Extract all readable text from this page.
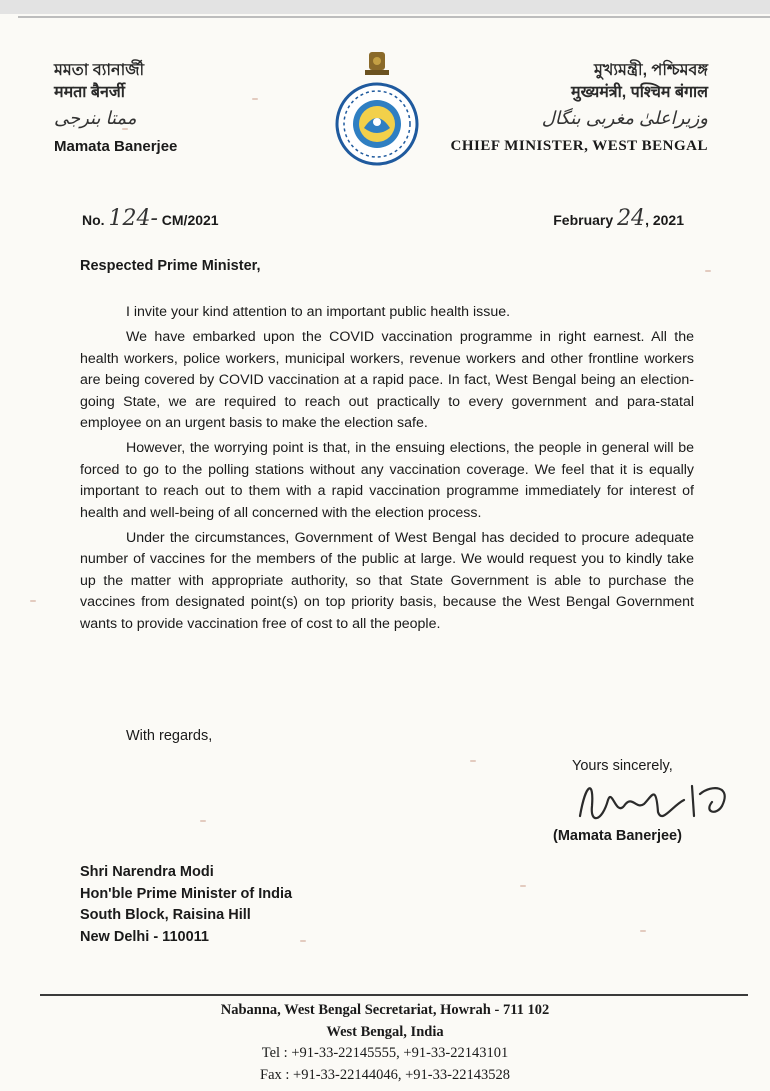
মমতা ব্যানার্জী
ममता बैनर्जी
ممتا بنرجی
Mamata Banerjee
মুখ্যমন্ত্রী, পশ্চিমবঙ্গ
मुख्यमंत्री, पश्चिम बंगाल
وزیراعلیٰ مغربی بنگال
CHIEF MINISTER, WEST BENGAL
No. 124- CM/2021	February 24, 2021
Respected Prime Minister,

I invite your kind attention to an important public health issue.

We have embarked upon the COVID vaccination programme in right earnest. All the health workers, police workers, municipal workers, revenue workers and other frontline workers are being covered by COVID vaccination at a rapid pace. In fact, West Bengal being an election-going State, we are required to reach out practically to every government and para-statal employee on an urgent basis to make the election safe.

However, the worrying point is that, in the ensuing elections, the people in general will be forced to go to the polling stations without any vaccination coverage. We feel that it is equally important to reach out to them with a rapid vaccination programme immediately for interest of health and well-being of all concerned with the election process.

Under the circumstances, Government of West Bengal has decided to procure adequate number of vaccines for the members of the public at large. We would request you to kindly take up the matter with appropriate authority, so that State Government is able to purchase the vaccines from designated point(s) on top priority basis, because the West Bengal Government wants to provide vaccination free of cost to all the people.

With regards,
Yours sincerely,
(Mamata Banerjee)
Shri Narendra Modi
Hon'ble Prime Minister of India
South Block, Raisina Hill
New Delhi - 110011
Nabanna, West Bengal Secretariat, Howrah - 711 102
West Bengal, India
Tel : +91-33-22145555, +91-33-22143101
Fax : +91-33-22144046, +91-33-22143528
